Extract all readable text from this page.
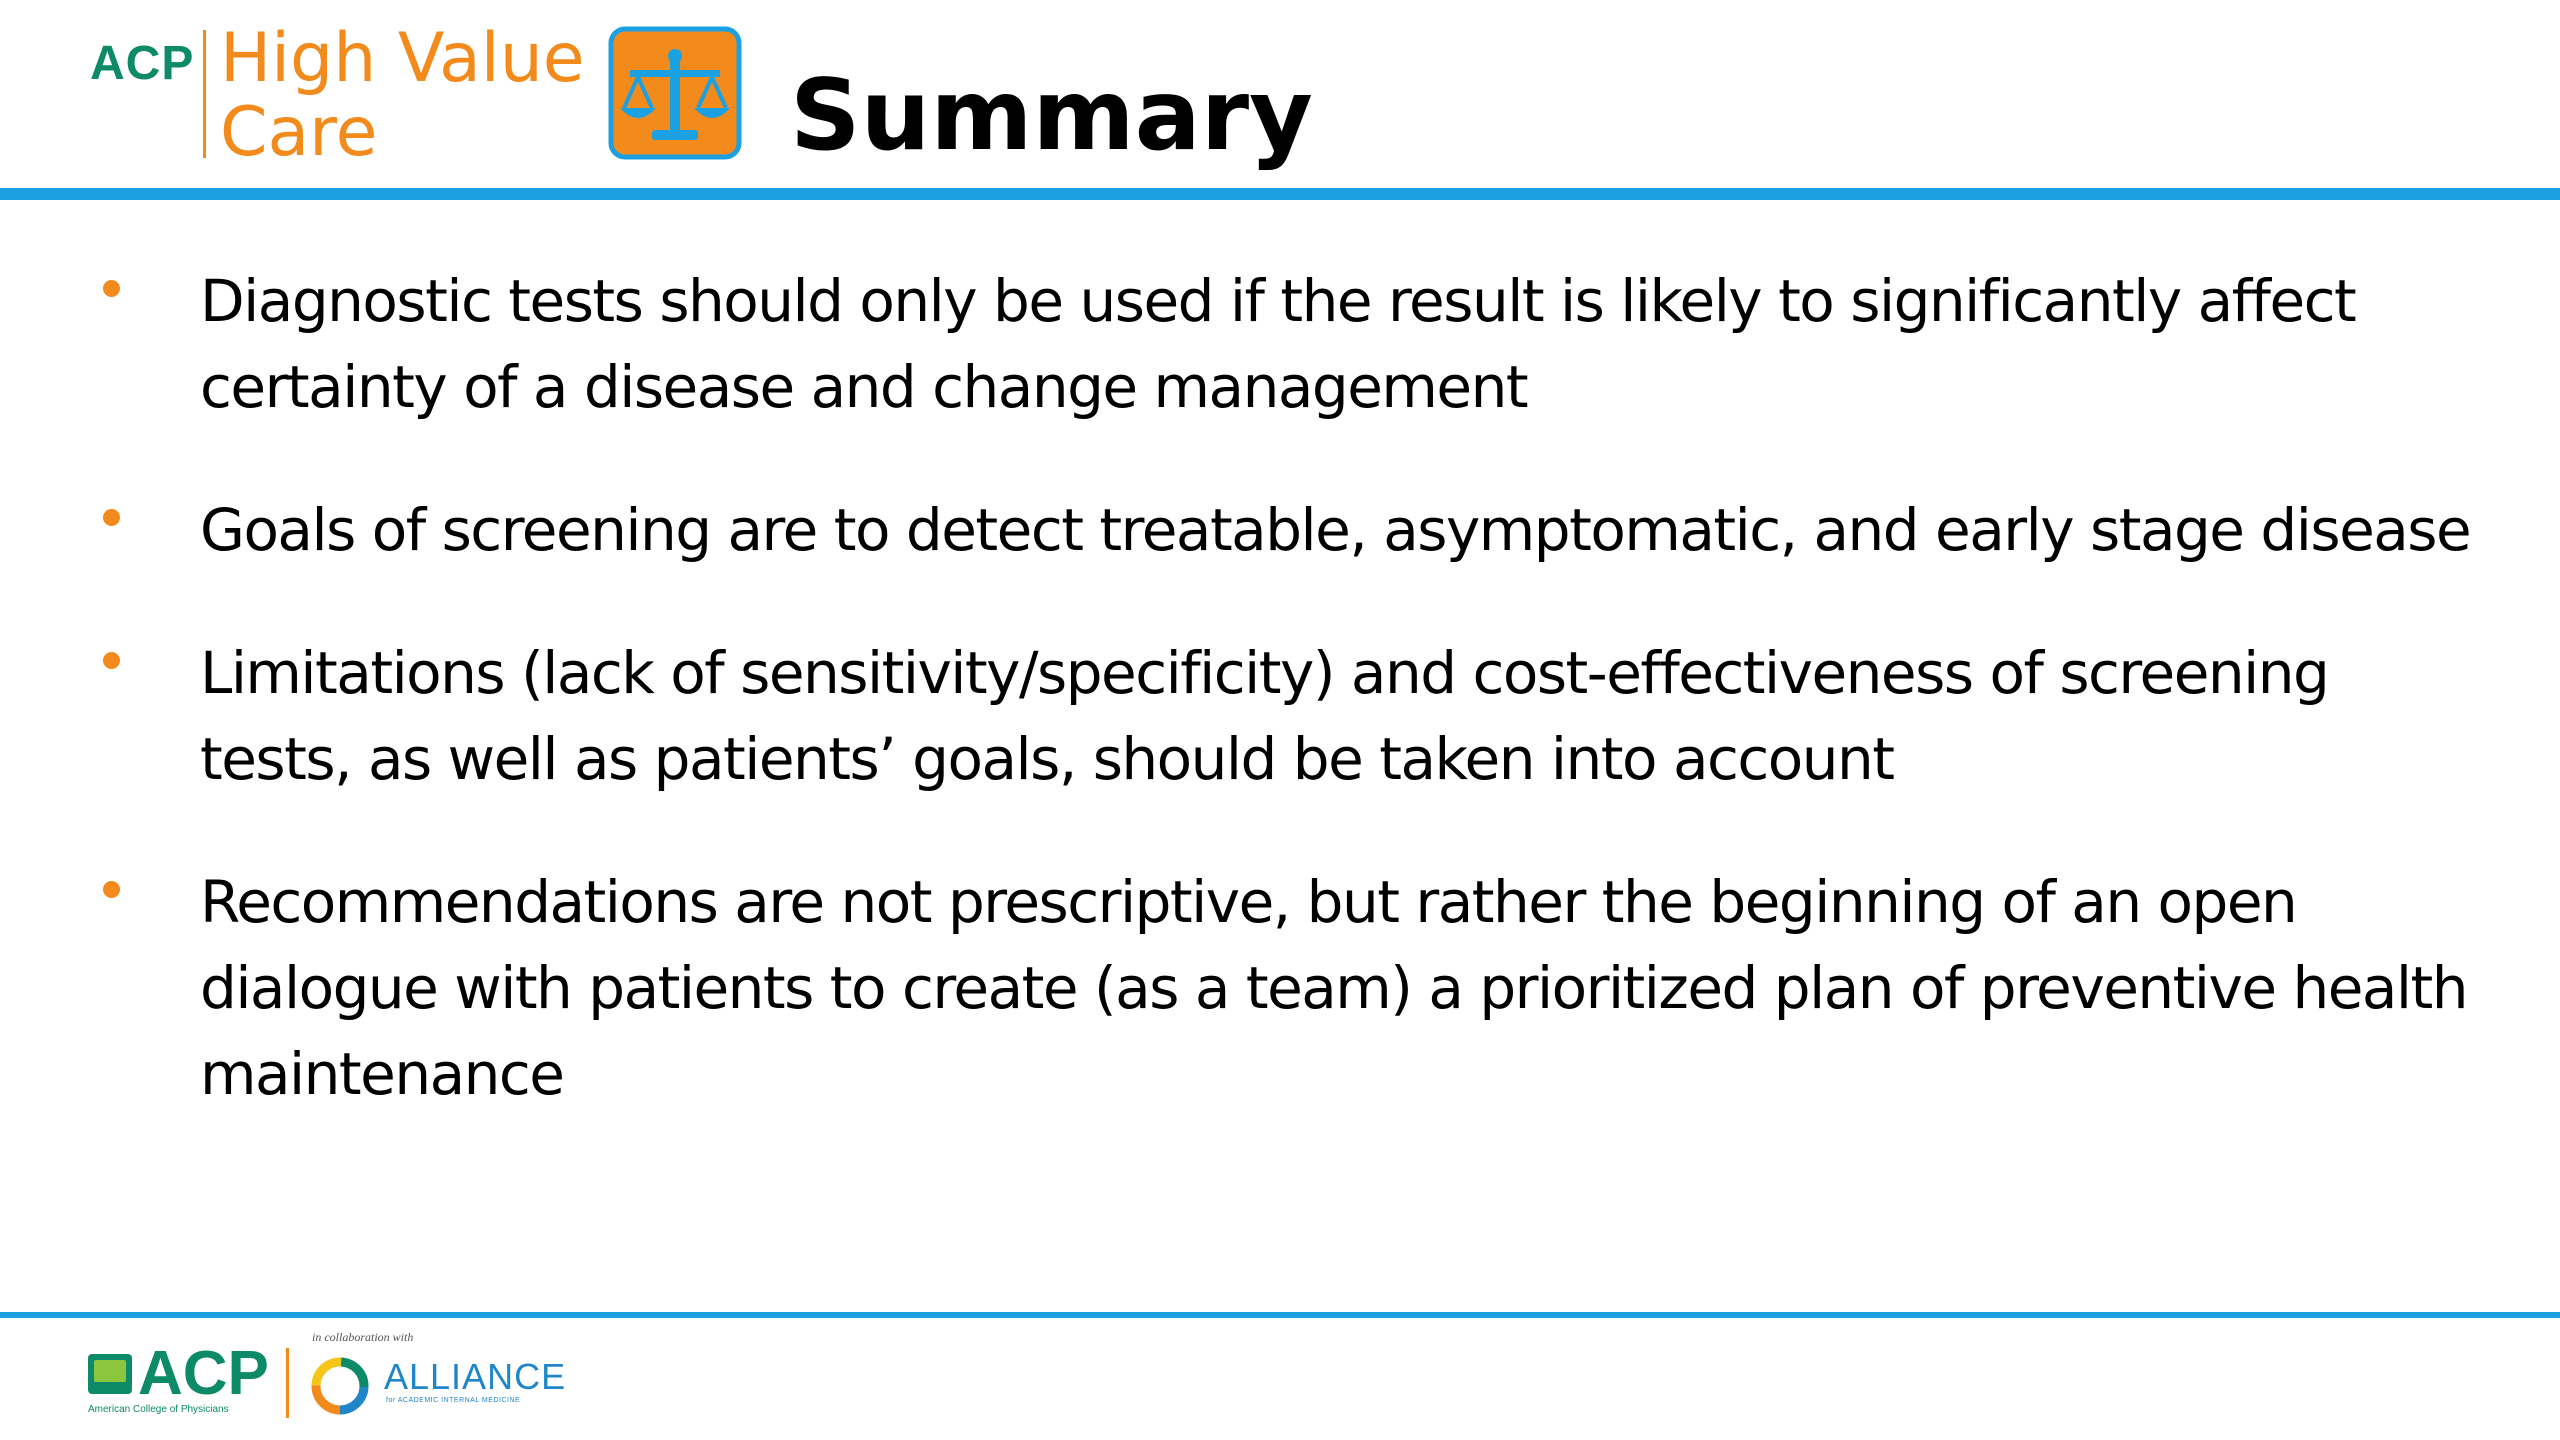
ACP High Value
Care	Summary
Diagnostic tests should only be used if the result is likely to significantly affect certainty of a disease and change management
Goals of screening are to detect treatable, asymptomatic, and early stage disease
Limitations (lack of sensitivity/specificity) and cost-effectiveness of screening tests, as well as patients’ goals, should be taken into account
Recommendations are not prescriptive, but rather the beginning of an open dialogue with patients to create (as a team) a prioritized plan of preventive health maintenance
ACP
American College of Physicians
in collaboration with
ALLIANCE
for ACADEMIC INTERNAL MEDICINE
